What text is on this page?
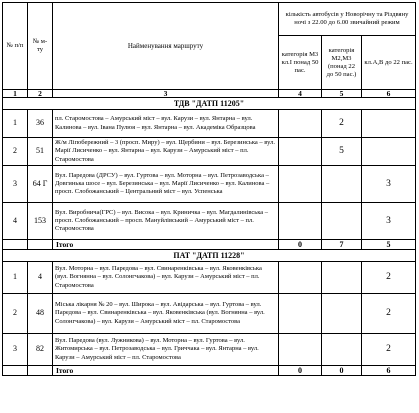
№ п/п	№ м-ту	Найменування маршруту	кількість автобусів у Новорічну та Різдвяну ночі з 22.00 до 6.00 звичайний режим		
			категорія М3 кл.І понад 50 пас.	категорія М2,М3 (понад 22 до 50 пас.)	кл.А,В до 22 пас.
1	2	3	4	5	6
ТДВ "ДАТП 11205"					
1	36	пл. Старомостова – Амурський міст – вул. Карузи – вул. Янтарна – вул. Калинова – вул. Івана Пулюя – вул. Янтарна – вул. Академіка Образцова		2	
2	51	Ж/м Ліпобережний – 3 (просп. Миру) – вул. Щербини – вул. Березинська – вул. Марії Лисиченко – вул. Янтарна – вул. Карузи – Амурський міст – пл. Старомостова		5	
3	64 Г	Вул. Паредова (ДРСУ) – вул. Гуртова – вул. Моторна – вул. Петрозаводська – Довгинька шосе – вул. Березинська – вул. Марії Лисиченко – вул. Калинова – просп. Слобожанський – Центральний міст – вул. Успенська			3
4	153	Вул. Виробнича(ГРС) – вул. Висока – вул. Криничка – вул. Магдалинівська – просп. Слобожанський – просп. Мануйлівський – Амурський міст – пл. Старомостова			3
		Ітого	0	7	5
ПАТ "ДАТП 11228"					
1	4	Вул. Моторна – вул. Паредова – вул. Свинаренківська – вул. Яковенківська (вул. Вогнянна – вул. Солонгчакова) – вул. Карузи – Амурський міст – пл. Старомостова			2
2	48	Міська лікарня № 20 – вул. Широка – вул. Авідарська – вул. Гуртова – вул. Паредова – вул. Свинаренківська – вул. Яковенківська (вул. Вогнянна – вул. Солонгчакова) – вул. Карузи – Амурський міст – пл. Старомостова			2
3	82	Вул. Паредова (вул. Лужникова) – вул. Моторна – вул. Гуртова – вул. Житомирська – вул. Петрозаводська – вул. Гриччака – вул. Янтарна – вул. Карузи – Амурський міст – пл. Старомостова			2
		Ітого	0	0	6
